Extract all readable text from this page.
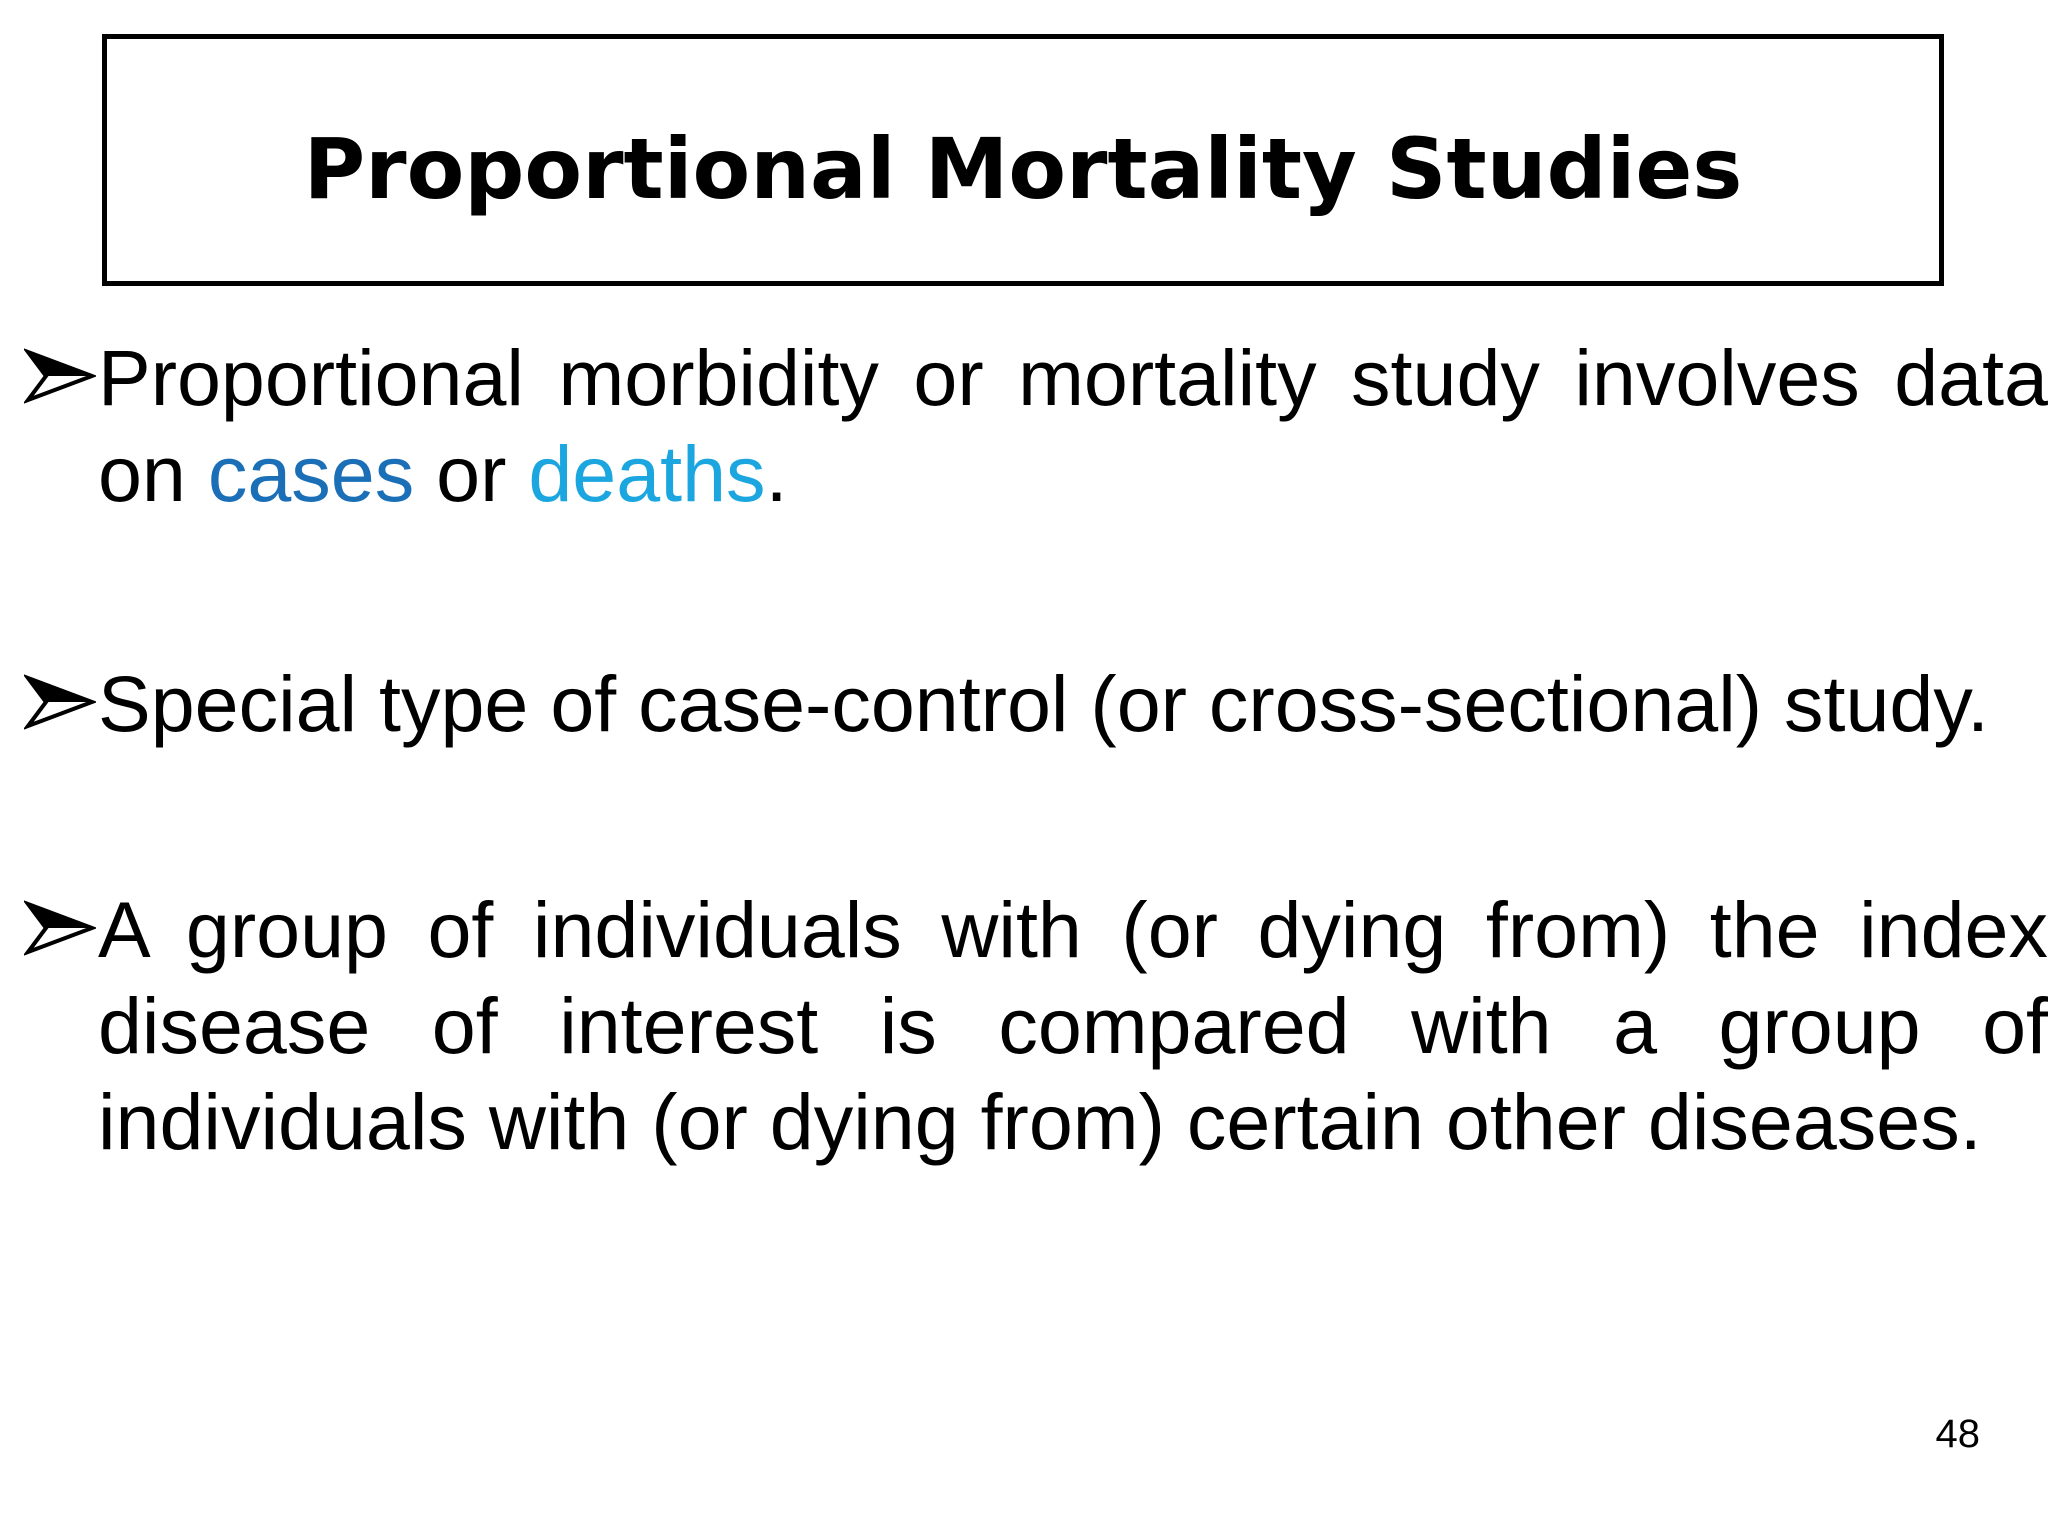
Proportional Mortality Studies
Proportional morbidity or mortality study involves data on cases or deaths.
Special type of case-control (or cross-sectional) study.
A group of individuals with (or dying from) the index disease of interest is compared with a group of individuals with (or dying from) certain other diseases.
48
